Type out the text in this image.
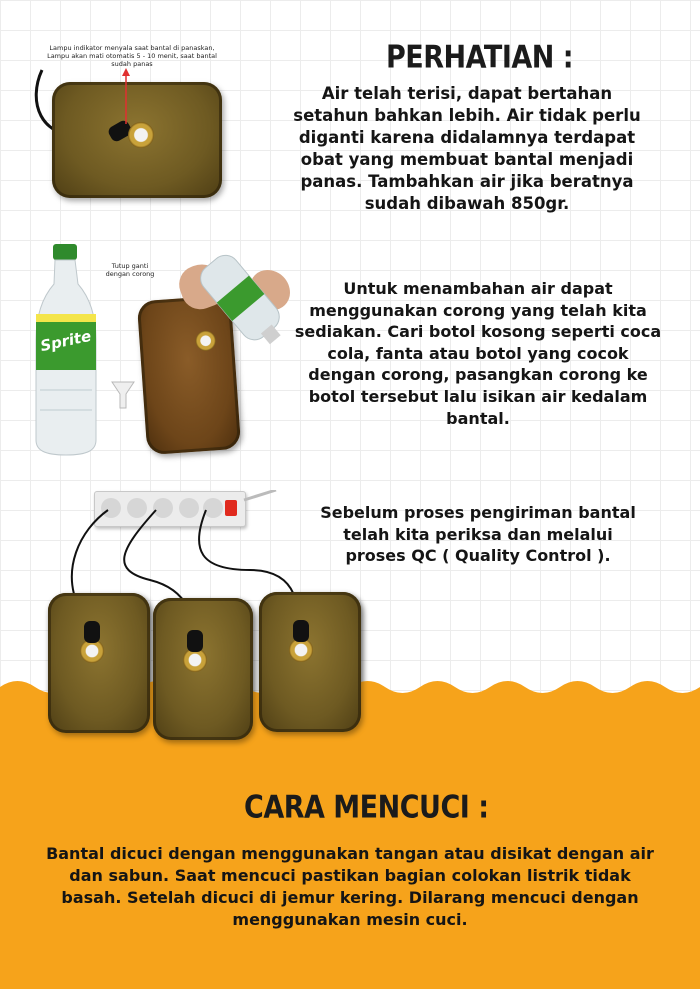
Lampu indikator menyala saat bantal di panaskan, Lampu akan mati otomatis 5 - 10 menit, saat bantal sudah panas	PERHATIAN :
Air telah terisi, dapat bertahan setahun bahkan lebih. Air tidak perlu diganti karena didalamnya terdapat obat yang membuat bantal menjadi panas. Tambahkan air jika beratnya sudah dibawah 850gr.
Sprite
Tutup ganti dengan corong
Untuk menambahan air dapat menggunakan corong yang telah kita sediakan. Cari botol kosong seperti coca cola, fanta atau botol yang cocok dengan corong, pasangkan corong ke botol tersebut lalu isikan air kedalam bantal.
Sebelum proses pengiriman bantal telah kita periksa dan melalui proses QC ( Quality Control ).
CARA MENCUCI :
Bantal dicuci dengan menggunakan tangan atau disikat dengan air dan sabun. Saat mencuci pastikan bagian colokan listrik tidak basah. Setelah dicuci di jemur kering. Dilarang mencuci dengan menggunakan mesin cuci.
